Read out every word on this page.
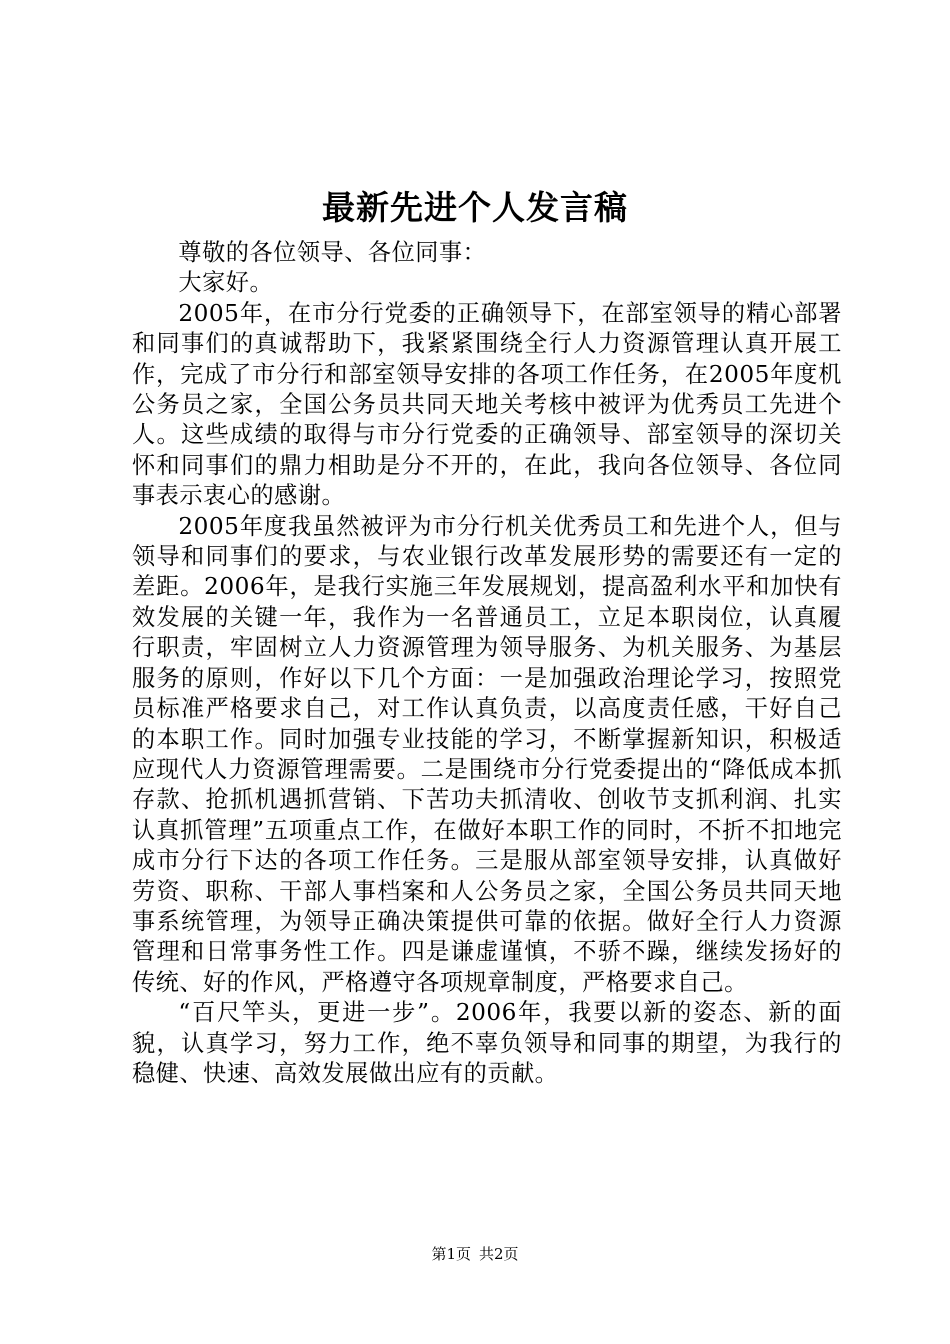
最新先进个人发言稿

尊敬的各位领导、各位同事：

大家好。

2005年，在市分行党委的正确领导下，在部室领导的精心部署和同事们的真诚帮助下，我紧紧围绕全行人力资源管理认真开展工作，完成了市分行和部室领导安排的各项工作任务，在2005年度机公务员之家，全国公务员共同天地关考核中被评为优秀员工先进个人。这些成绩的取得与市分行党委的正确领导、部室领导的深切关怀和同事们的鼎力相助是分不开的，在此，我向各位领导、各位同事表示衷心的感谢。

2005年度我虽然被评为市分行机关优秀员工和先进个人，但与领导和同事们的要求，与农业银行改革发展形势的需要还有一定的差距。2006年，是我行实施三年发展规划，提高盈利水平和加快有效发展的关键一年，我作为一名普通员工，立足本职岗位，认真履行职责，牢固树立人力资源管理为领导服务、为机关服务、为基层服务的原则，作好以下几个方面：一是加强政治理论学习，按照党员标准严格要求自己，对工作认真负责，以高度责任感，干好自己的本职工作。同时加强专业技能的学习，不断掌握新知识，积极适应现代人力资源管理需要。二是围绕市分行党委提出的“降低成本抓存款、抢抓机遇抓营销、下苦功夫抓清收、创收节支抓利润、扎实认真抓管理”五项重点工作，在做好本职工作的同时，不折不扣地完成市分行下达的各项工作任务。三是服从部室领导安排，认真做好劳资、职称、干部人事档案和人公务员之家，全国公务员共同天地事系统管理，为领导正确决策提供可靠的依据。做好全行人力资源管理和日常事务性工作。四是谦虚谨慎，不骄不躁，继续发扬好的传统、好的作风，严格遵守各项规章制度，严格要求自己。

“百尺竿头，更进一步”。2006年，我要以新的姿态、新的面貌，认真学习，努力工作，绝不辜负领导和同事的期望，为我行的稳健、快速、高效发展做出应有的贡献。

第1页 共2页
